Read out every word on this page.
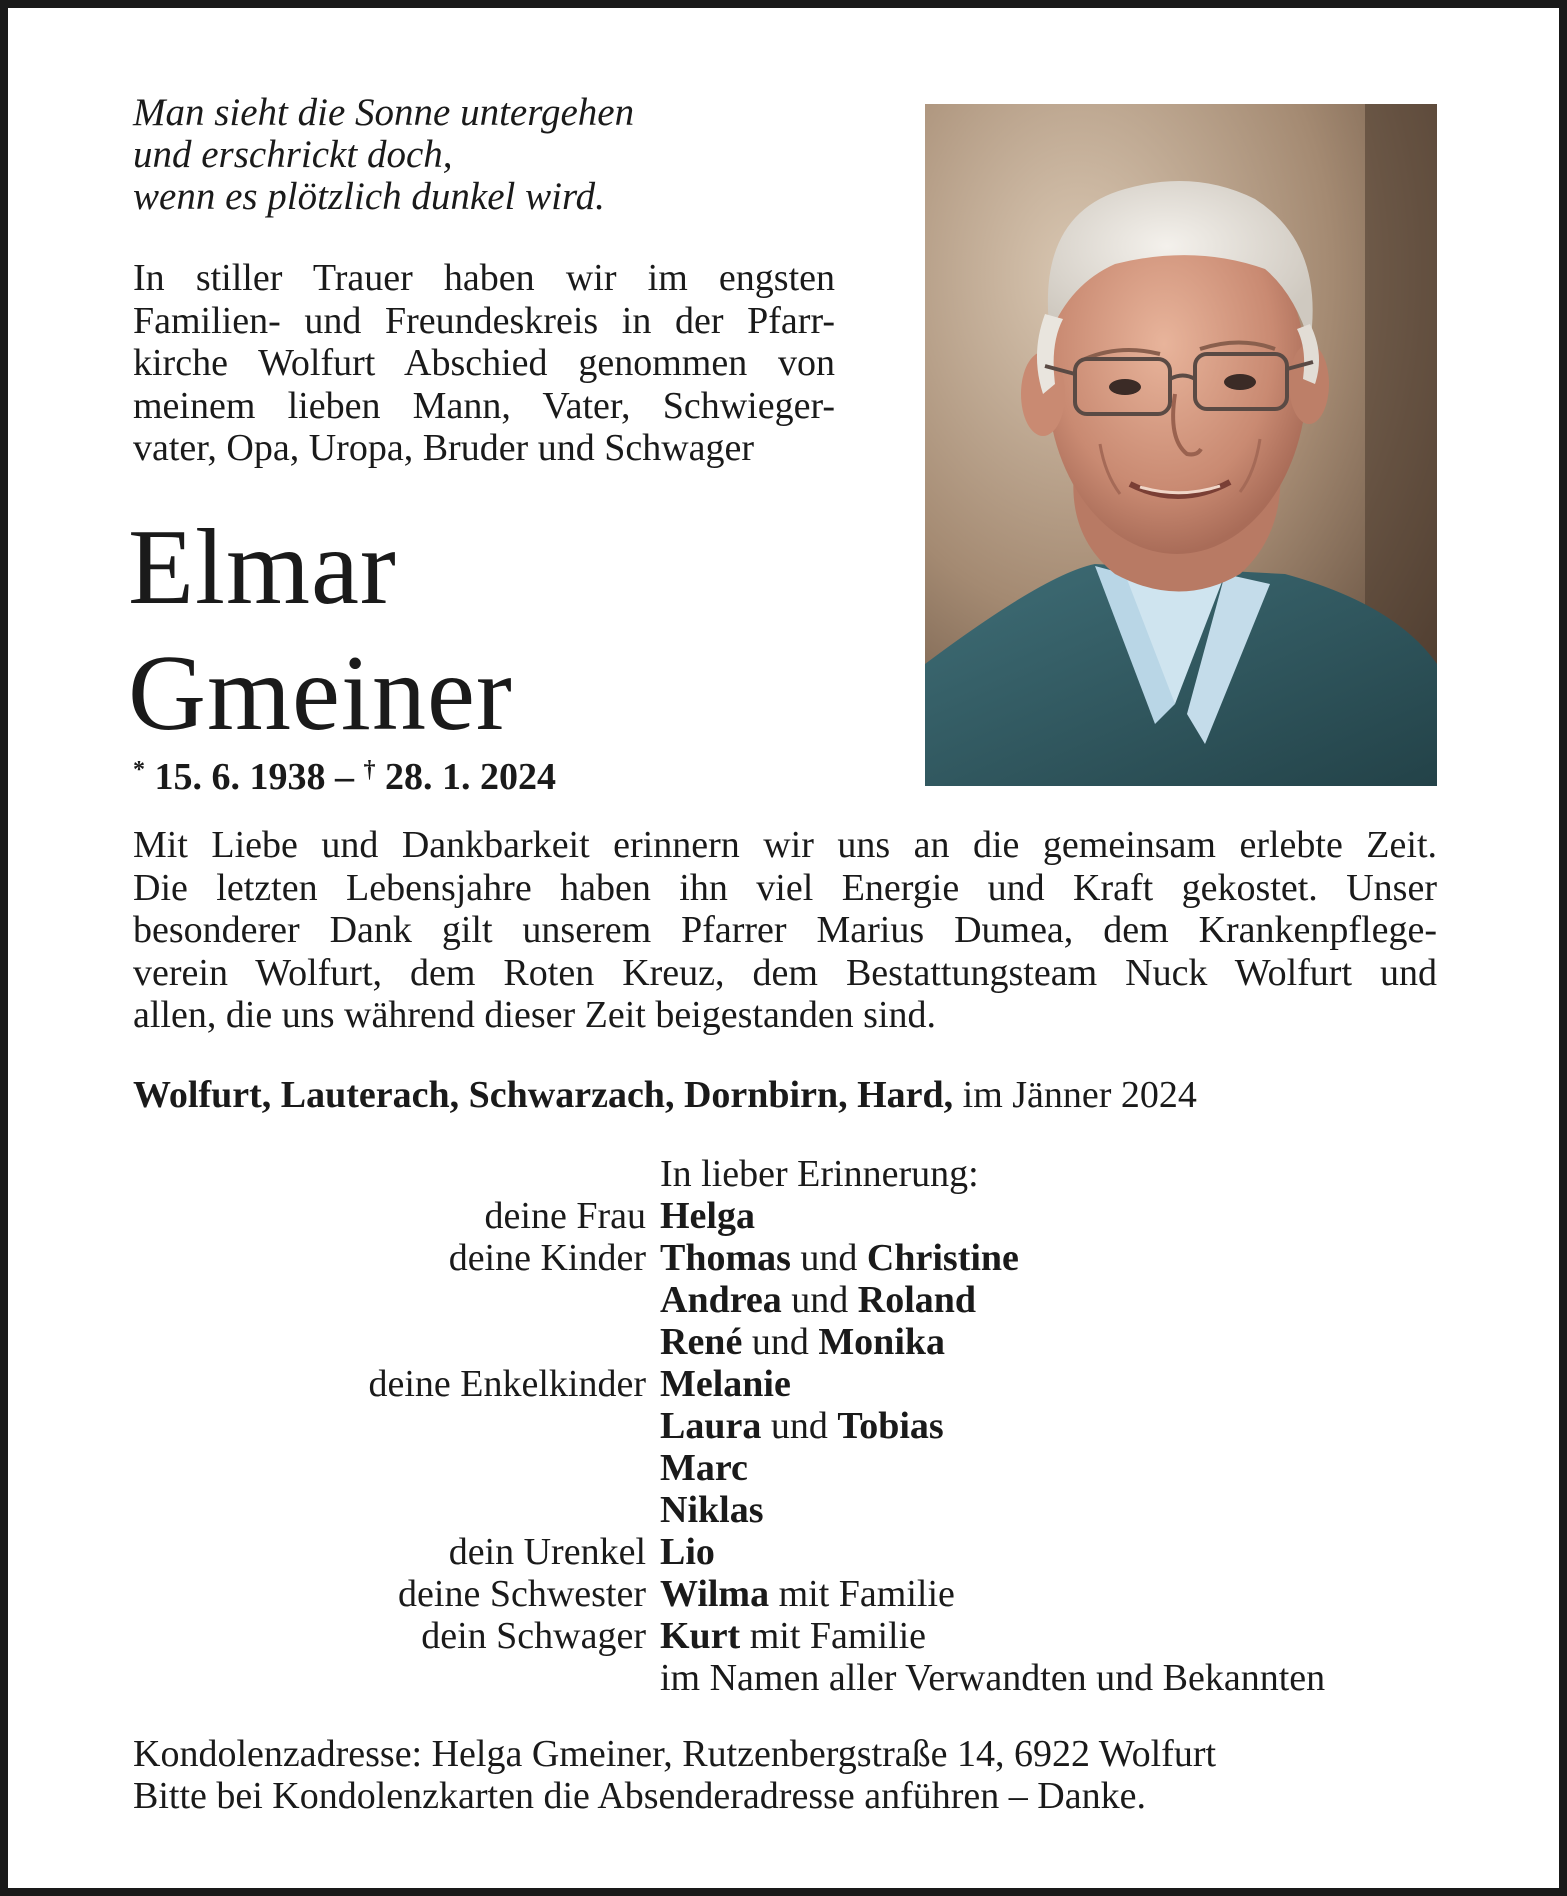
Man sieht die Sonne untergehen
und erschrickt doch,
wenn es plötzlich dunkel wird.

In stiller Trauer haben wir im engsten
Familien- und Freundeskreis in der Pfarr-
kirche Wolfurt Abschied genommen von
meinem lieben Mann, Vater, Schwieger-
vater, Opa, Uropa, Bruder und Schwager

Elmar
Gmeiner
* 15. 6. 1938 – † 28. 1. 2024

Mit Liebe und Dankbarkeit erinnern wir uns an die gemeinsam erlebte Zeit.
Die letzten Lebensjahre haben ihn viel Energie und Kraft gekostet. Unser
besonderer Dank gilt unserem Pfarrer Marius Dumea, dem Krankenpflege-
verein Wolfurt, dem Roten Kreuz, dem Bestattungsteam Nuck Wolfurt und
allen, die uns während dieser Zeit beigestanden sind.

Wolfurt, Lauterach, Schwarzach, Dornbirn, Hard, im Jänner 2024
In lieber Erinnerung:
deine Frau Helga
deine Kinder Thomas und Christine
Andrea und Roland
René und Monika
deine Enkelkinder Melanie
Laura und Tobias
Marc
Niklas
dein Urenkel Lio
deine Schwester Wilma mit Familie
dein Schwager Kurt mit Familie
im Namen aller Verwandten und Bekannten

Kondolenzadresse: Helga Gmeiner, Rutzenbergstraße 14, 6922 Wolfurt
Bitte bei Kondolenzkarten die Absenderadresse anführen – Danke.
